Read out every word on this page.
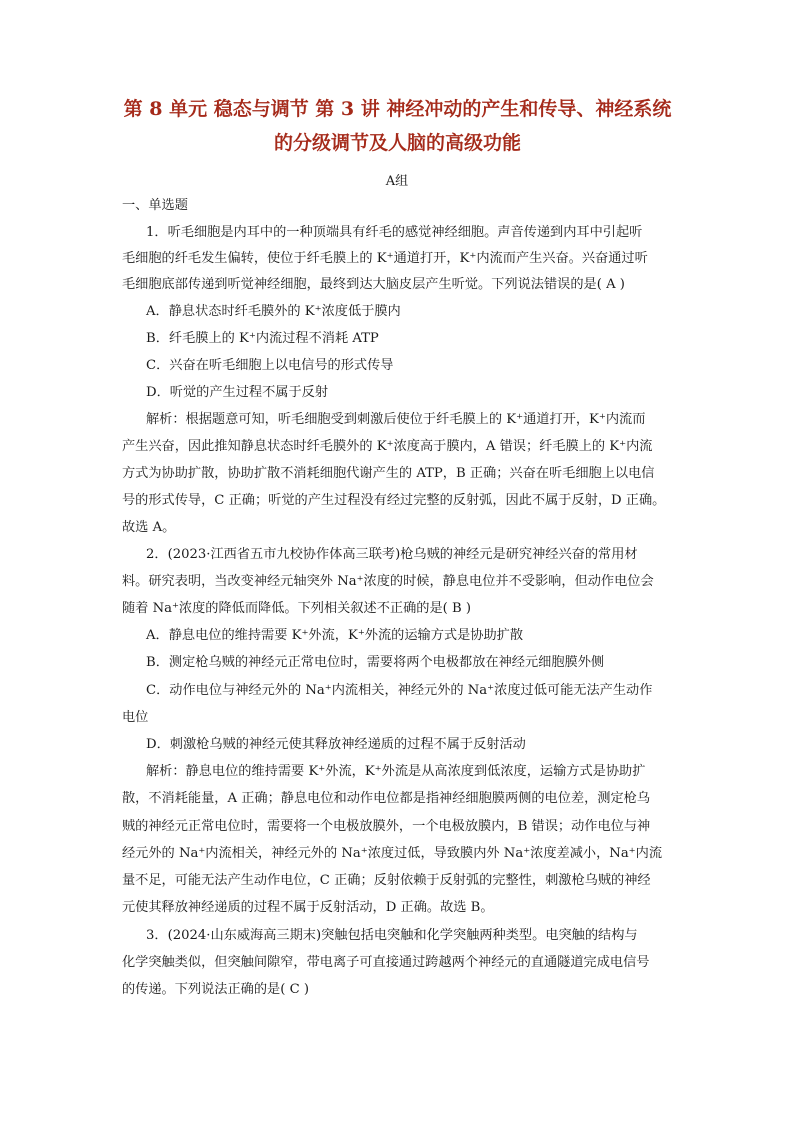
第 8 单元 稳态与调节 第 3 讲 神经冲动的产生和传导、神经系统
的分级调节及人脑的高级功能
A组
一、单选题
1．听毛细胞是内耳中的一种顶端具有纤毛的感觉神经细胞。声音传递到内耳中引起听
毛细胞的纤毛发生偏转，使位于纤毛膜上的 K⁺通道打开，K⁺内流而产生兴奋。兴奋通过听
毛细胞底部传递到听觉神经细胞，最终到达大脑皮层产生听觉。下列说法错误的是( A )
A．静息状态时纤毛膜外的 K⁺浓度低于膜内
B．纤毛膜上的 K⁺内流过程不消耗 ATP
C．兴奋在听毛细胞上以电信号的形式传导
D．听觉的产生过程不属于反射
解析：根据题意可知，听毛细胞受到刺激后使位于纤毛膜上的 K⁺通道打开，K⁺内流而
产生兴奋，因此推知静息状态时纤毛膜外的 K⁺浓度高于膜内，A 错误；纤毛膜上的 K⁺内流
方式为协助扩散，协助扩散不消耗细胞代谢产生的 ATP，B 正确；兴奋在听毛细胞上以电信
号的形式传导，C 正确；听觉的产生过程没有经过完整的反射弧，因此不属于反射，D 正确。
故选 A。
2．(2023·江西省五市九校协作体高三联考)枪乌贼的神经元是研究神经兴奋的常用材
料。研究表明，当改变神经元轴突外 Na⁺浓度的时候，静息电位并不受影响，但动作电位会
随着 Na⁺浓度的降低而降低。下列相关叙述不正确的是( B )
A．静息电位的维持需要 K⁺外流，K⁺外流的运输方式是协助扩散
B．测定枪乌贼的神经元正常电位时，需要将两个电极都放在神经元细胞膜外侧
C．动作电位与神经元外的 Na⁺内流相关，神经元外的 Na⁺浓度过低可能无法产生动作
电位
D．刺激枪乌贼的神经元使其释放神经递质的过程不属于反射活动
解析：静息电位的维持需要 K⁺外流，K⁺外流是从高浓度到低浓度，运输方式是协助扩
散，不消耗能量，A 正确；静息电位和动作电位都是指神经细胞膜两侧的电位差，测定枪乌
贼的神经元正常电位时，需要将一个电极放膜外，一个电极放膜内，B 错误；动作电位与神
经元外的 Na⁺内流相关，神经元外的 Na⁺浓度过低，导致膜内外 Na⁺浓度差减小，Na⁺内流
量不足，可能无法产生动作电位，C 正确；反射依赖于反射弧的完整性，刺激枪乌贼的神经
元使其释放神经递质的过程不属于反射活动，D 正确。故选 B。
3．(2024·山东威海高三期末)突触包括电突触和化学突触两种类型。电突触的结构与
化学突触类似，但突触间隙窄，带电离子可直接通过跨越两个神经元的直通隧道完成电信号
的传递。下列说法正确的是( C )
